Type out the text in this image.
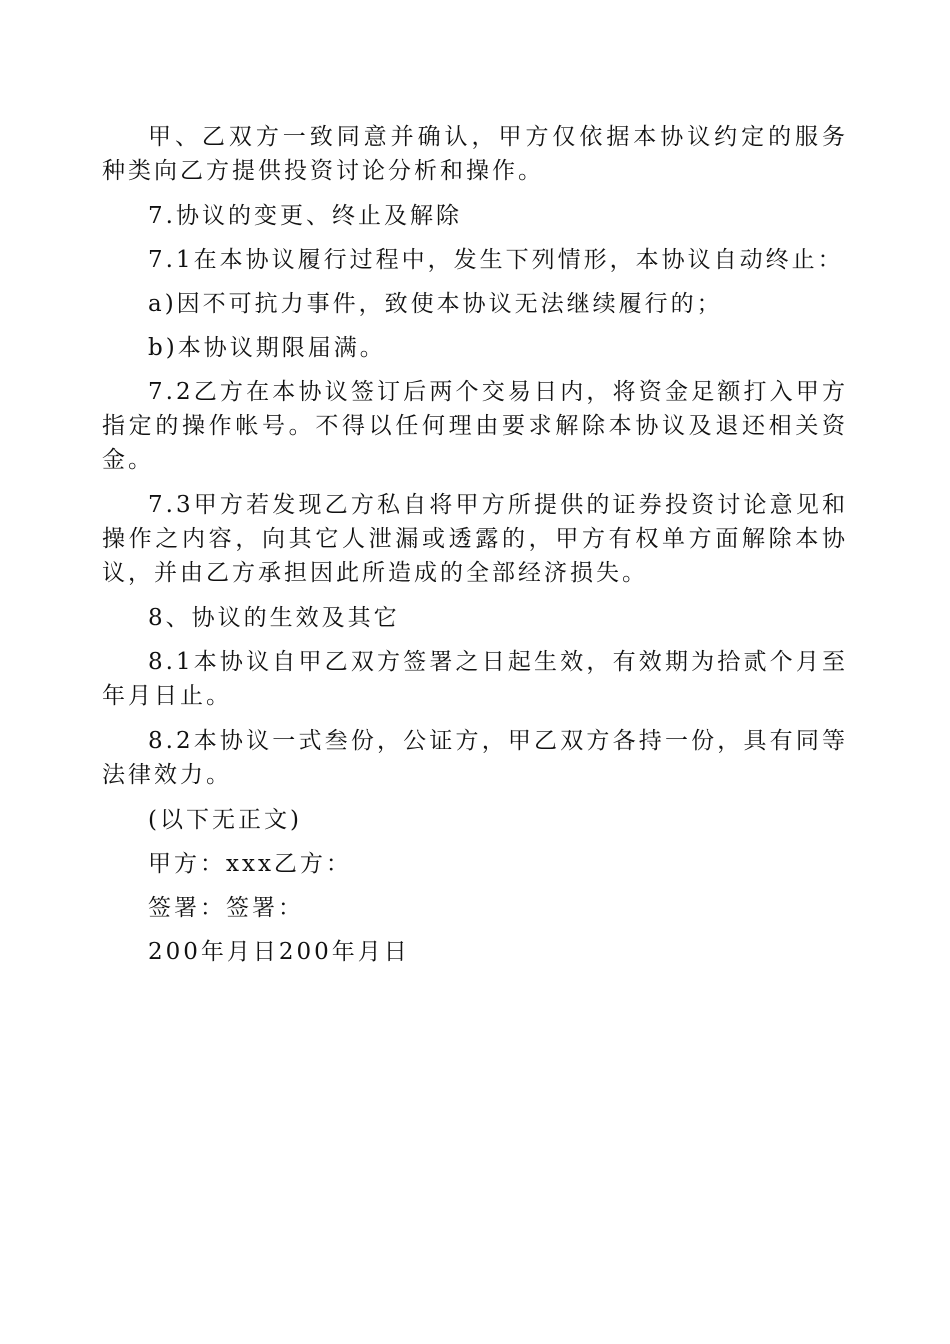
甲、乙双方一致同意并确认，甲方仅依据本协议约定的服务种类向乙方提供投资讨论分析和操作。

7.协议的变更、终止及解除

7.1在本协议履行过程中，发生下列情形，本协议自动终止：

a)因不可抗力事件，致使本协议无法继续履行的；

b)本协议期限届满。

7.2乙方在本协议签订后两个交易日内，将资金足额打入甲方指定的操作帐号。不得以任何理由要求解除本协议及退还相关资金。

7.3甲方若发现乙方私自将甲方所提供的证券投资讨论意见和操作之内容，向其它人泄漏或透露的，甲方有权单方面解除本协议，并由乙方承担因此所造成的全部经济损失。

8、协议的生效及其它

8.1本协议自甲乙双方签署之日起生效，有效期为拾贰个月至年月日止。

8.2本协议一式叁份，公证方，甲乙双方各持一份，具有同等法律效力。

(以下无正文)

甲方：xxx乙方：

签署：签署：

200年月日200年月日
